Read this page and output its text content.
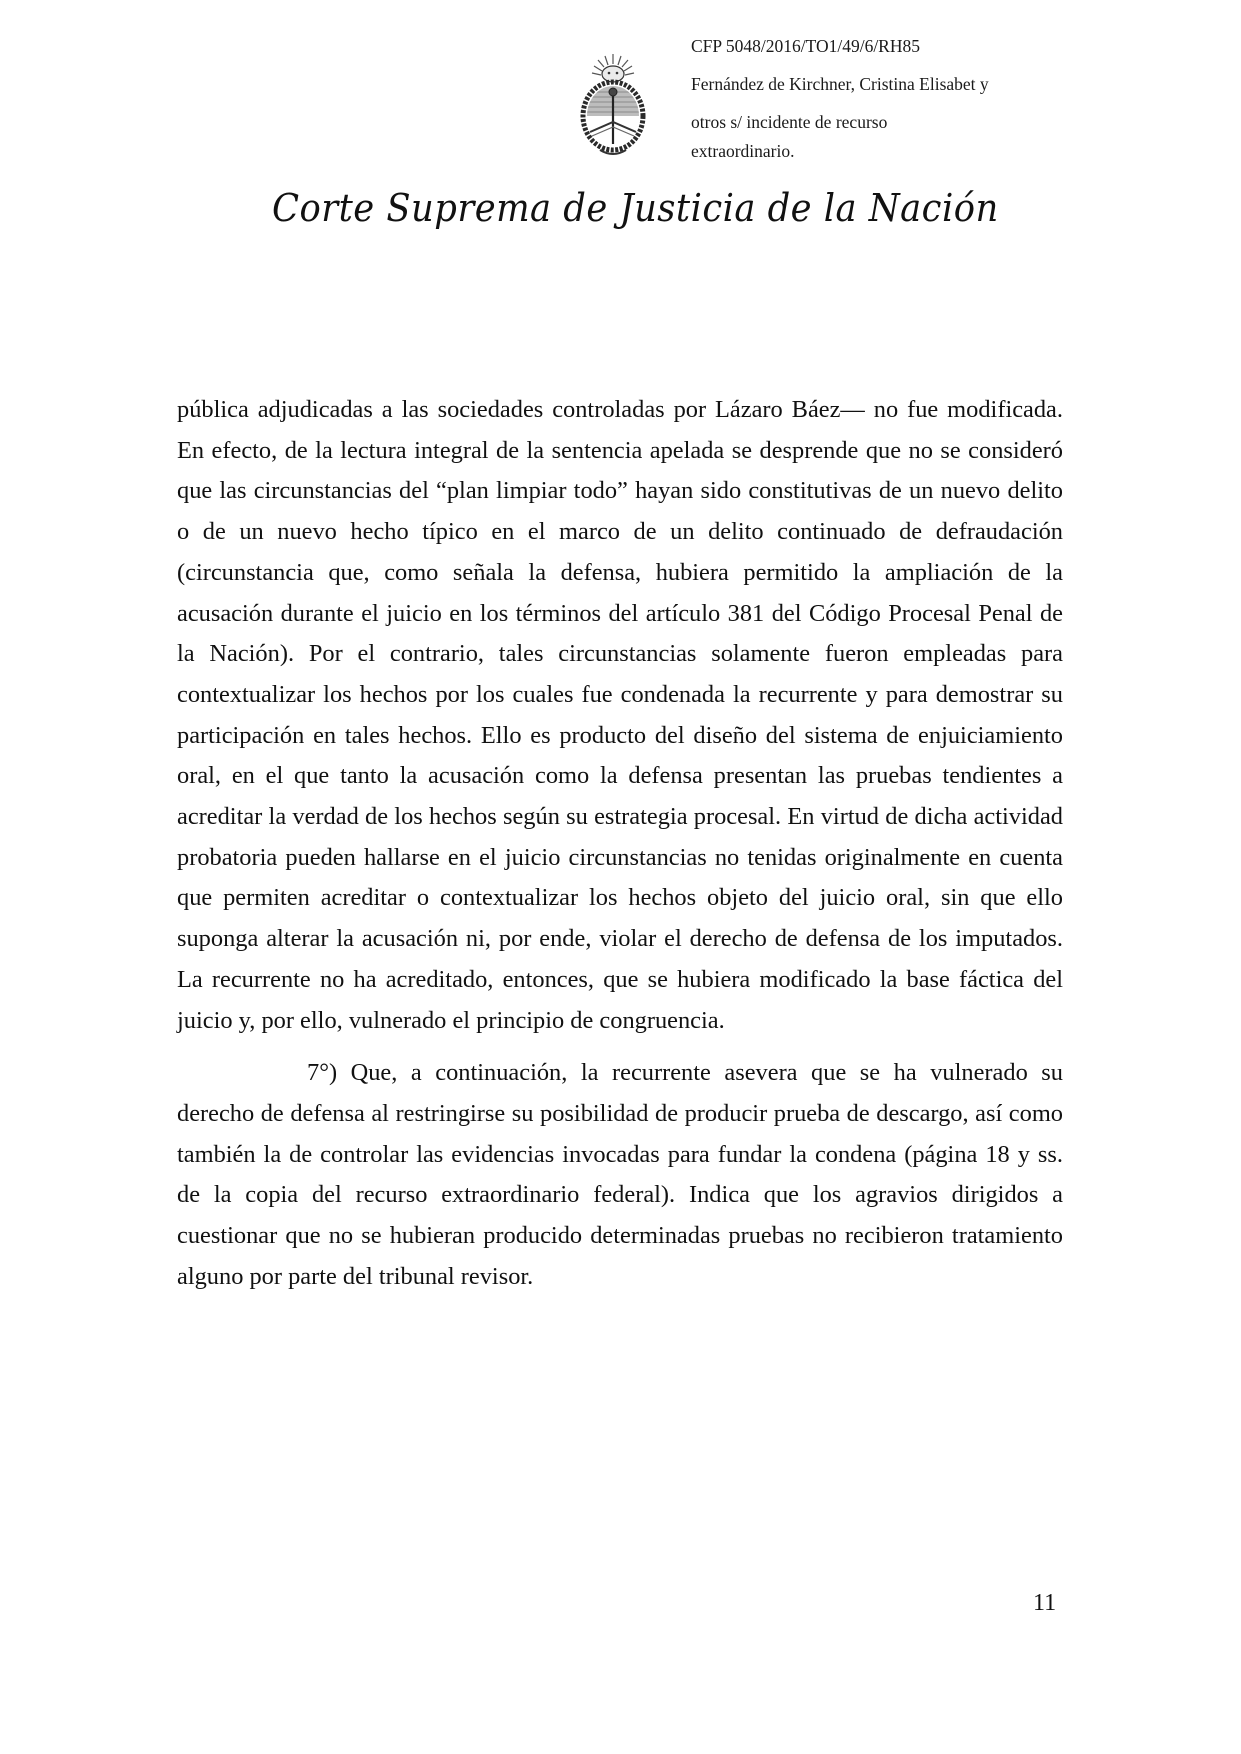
CFP 5048/2016/TO1/49/6/RH85
Fernández de Kirchner, Cristina Elisabet y
otros s/ incidente de recurso
extraordinario.
Corte Suprema de Justicia de la Nación

pública adjudicadas a las sociedades controladas por Lázaro Báez— no fue modificada. En efecto, de la lectura integral de la sentencia apelada se desprende que no se consideró que las circunstancias del “plan limpiar todo” hayan sido constitutivas de un nuevo delito o de un nuevo hecho típico en el marco de un delito continuado de defraudación (circunstancia que, como señala la defensa, hubiera permitido la ampliación de la acusación durante el juicio en los términos del artículo 381 del Código Procesal Penal de la Nación). Por el contrario, tales circunstancias solamente fueron empleadas para contextualizar los hechos por los cuales fue condenada la recurrente y para demostrar su participación en tales hechos. Ello es producto del diseño del sistema de enjuiciamiento oral, en el que tanto la acusación como la defensa presentan las pruebas tendientes a acreditar la verdad de los hechos según su estrategia procesal. En virtud de dicha actividad probatoria pueden hallarse en el juicio circunstancias no tenidas originalmente en cuenta que permiten acreditar o contextualizar los hechos objeto del juicio oral, sin que ello suponga alterar la acusación ni, por ende, violar el derecho de defensa de los imputados. La recurrente no ha acreditado, entonces, que se hubiera modificado la base fáctica del juicio y, por ello, vulnerado el principio de congruencia.

7°) Que, a continuación, la recurrente asevera que se ha vulnerado su derecho de defensa al restringirse su posibilidad de producir prueba de descargo, así como también la de controlar las evidencias invocadas para fundar la condena (página 18 y ss. de la copia del recurso extraordinario federal). Indica que los agravios dirigidos a cuestionar que no se hubieran producido determinadas pruebas no recibieron tratamiento alguno por parte del tribunal revisor.

11
